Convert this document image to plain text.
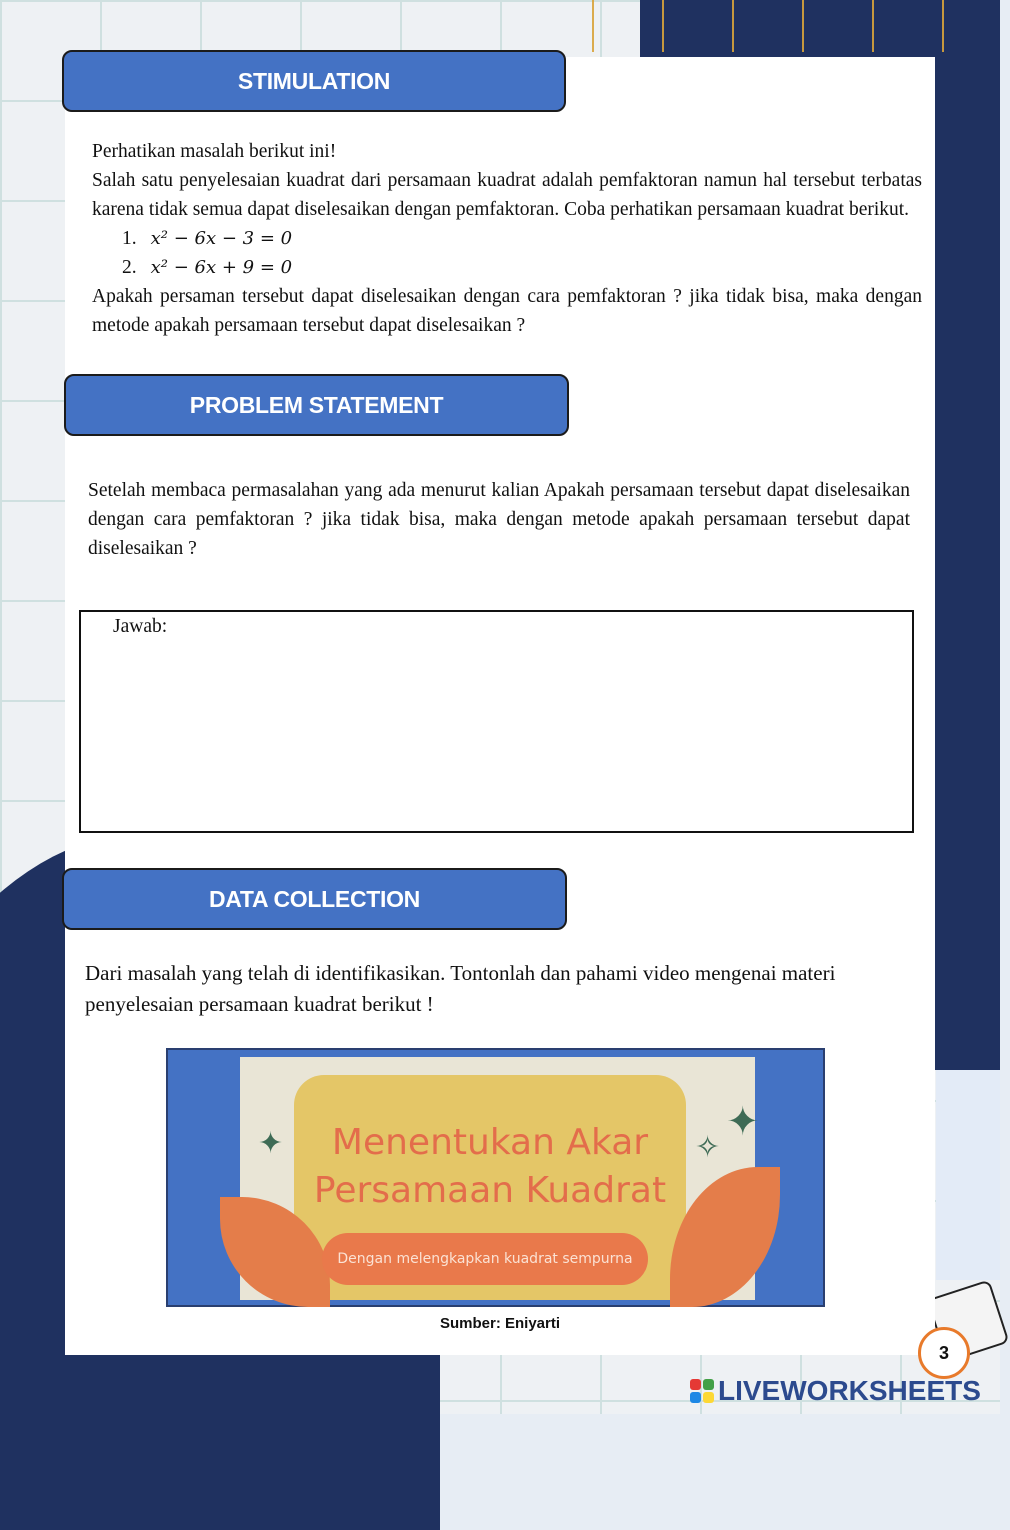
STIMULATION

Perhatikan masalah berikut ini!

Salah satu penyelesaian kuadrat dari persamaan kuadrat adalah pemfaktoran namun hal tersebut terbatas karena tidak semua dapat diselesaikan dengan pemfaktoran. Coba perhatikan persamaan kuadrat berikut.

1. x² − 6x − 3 = 0
2. x² − 6x + 9 = 0

Apakah persaman tersebut dapat diselesaikan dengan cara pemfaktoran ? jika tidak bisa, maka dengan metode apakah persamaan tersebut dapat diselesaikan ?

PROBLEM STATEMENT

Setelah membaca permasalahan yang ada menurut kalian Apakah persamaan tersebut dapat diselesaikan dengan cara pemfaktoran ? jika tidak bisa, maka dengan metode apakah persamaan tersebut dapat diselesaikan ?

Jawab:
DATA COLLECTION

Dari masalah yang telah di identifikasikan. Tontonlah dan pahami video mengenai materi penyelesaian persamaan kuadrat berikut !

✦	✦
✧
Menentukan Akar
Persamaan Kuadrat
Dengan melengkapkan kuadrat sempurna
Sumber: Eniyarti
3
LIVEWORKSHEETS
